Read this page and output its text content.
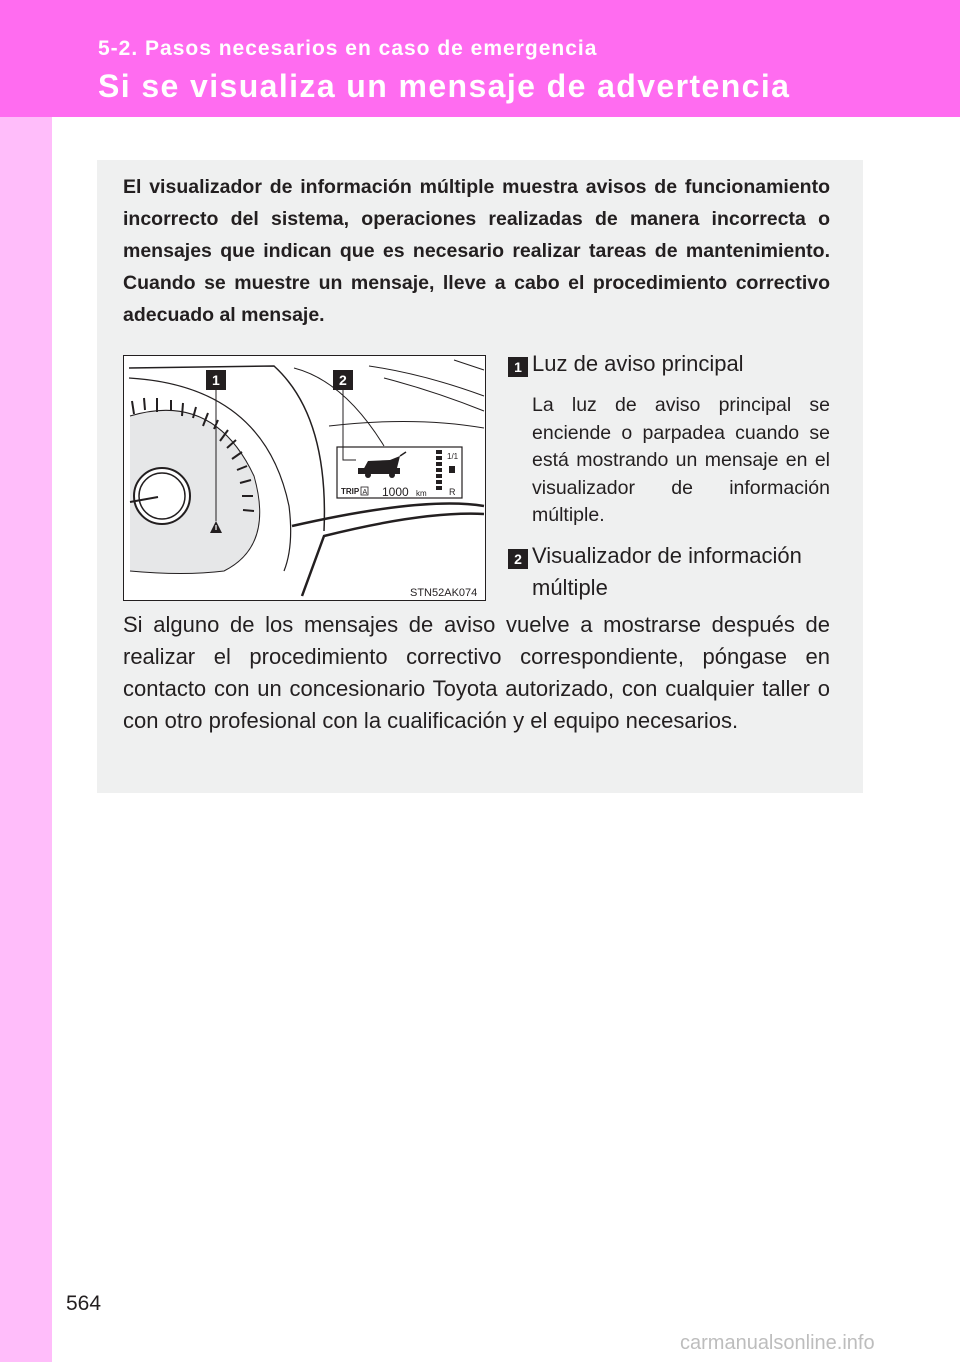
5-2. Pasos necesarios en caso de emergencia
Si se visualiza un mensaje de advertencia

El visualizador de información múltiple muestra avisos de funcionamiento incorrecto del sistema, operaciones realizadas de manera incorrecta o mensajes que indican que es necesario realizar tareas de mantenimiento. Cuando se muestre un mensaje, lleve a cabo el procedimiento correctivo adecuado al mensaje.

TRIP A 1000 km
1/1
R
1	2
STN52AK074
1 Luz de aviso principal

La luz de aviso principal se enciende o parpadea cuando se está mostrando un mensaje en el visualizador de información múltiple.

2 Visualizador de información múltiple

Si alguno de los mensajes de aviso vuelve a mostrarse después de realizar el procedimiento correctivo correspondiente, póngase en contacto con un concesionario Toyota autorizado, con cualquier taller o con otro profesional con la cualificación y el equipo necesarios.

564
carmanualsonline.info
